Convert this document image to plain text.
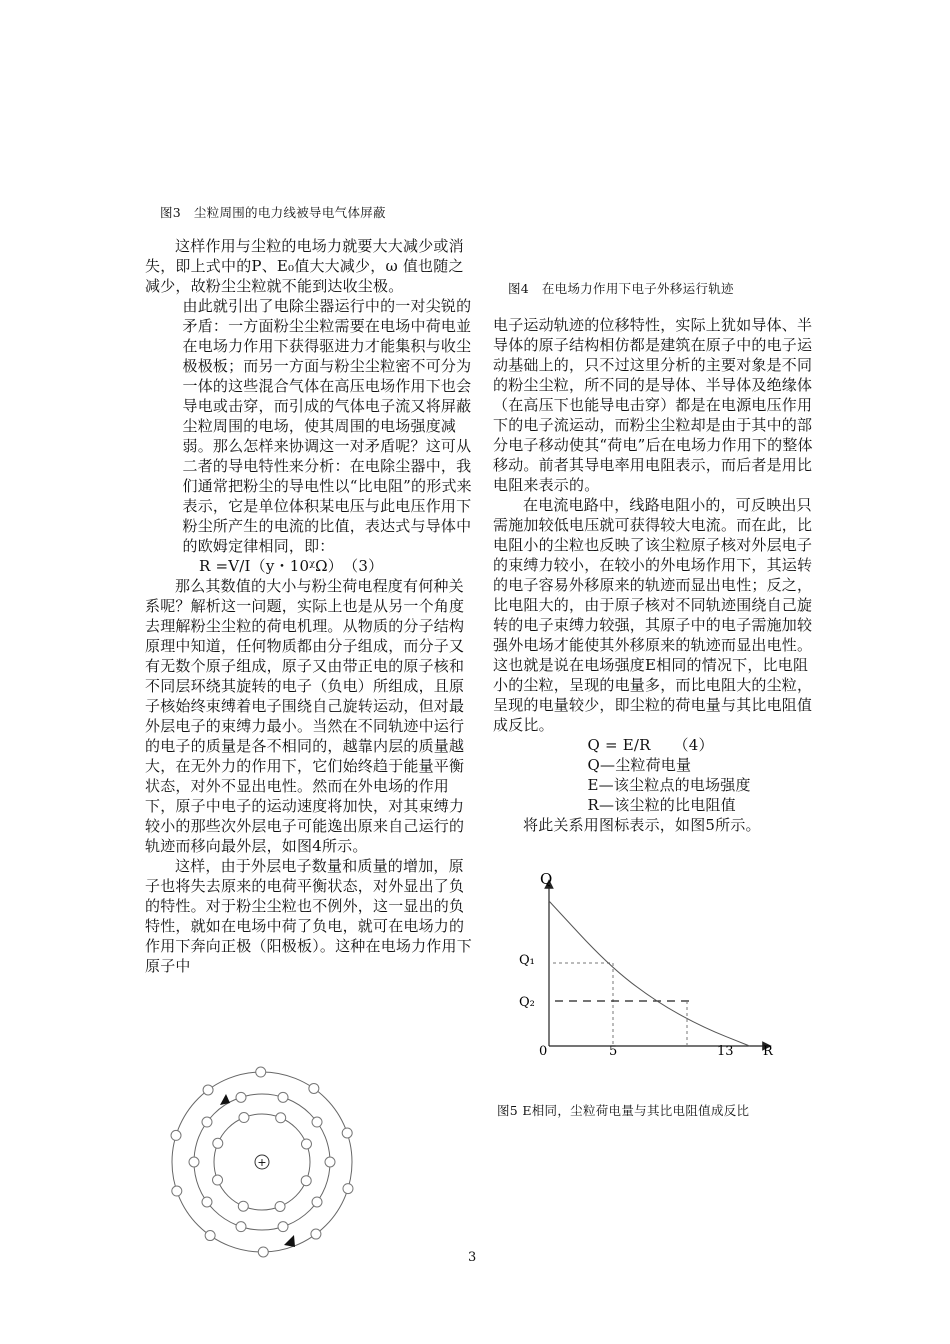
图3　尘粒周围的电力线被导电气体屏蔽

这样作用与尘粒的电场力就要大大减少或消失，即上式中的P、E₀值大大减少，ω 值也随之减少，故粉尘尘粒就不能到达收尘极。

由此就引出了电除尘器运行中的一对尖锐的矛盾：一方面粉尘尘粒需要在电场中荷电並在电场力作用下获得驱进力才能集积与收尘极极板；而另一方面与粉尘尘粒密不可分为一体的这些混合气体在高压电场作用下也会导电或击穿，而引成的气体电子流又将屏蔽尘粒周围的电场，使其周围的电场强度减弱。那么怎样来协调这一对矛盾呢？这可从二者的导电特性来分析：在电除尘器中，我们通常把粉尘的导电性以“比电阻”的形式来表示，它是单位体积某电压与此电压作用下粉尘所产生的电流的比值，表达式与导体中的欧姆定律相同，即：

R =V/I（y・10ᵡΩ）　（3）

那么其数值的大小与粉尘荷电程度有何种关系呢？解析这一问题，实际上也是从另一个角度去理解粉尘尘粒的荷电机理。从物质的分子结构原理中知道，任何物质都由分子组成，而分子又有无数个原子组成，原子又由带正电的原子核和不同层环绕其旋转的电子（负电）所组成，且原子核始终束缚着电子围绕自己旋转运动，但对最外层电子的束缚力最小。当然在不同轨迹中运行的电子的质量是各不相同的，越靠内层的质量越大，在无外力的作用下，它们始终趋于能量平衡状态，对外不显出电性。然而在外电场的作用下，原子中电子的运动速度将加快，对其束缚力较小的那些次外层电子可能逸出原来自己运行的轨迹而移向最外层，如图4所示。

这样，由于外层电子数量和质量的增加，原子也将失去原来的电荷平衡状态，对外显出了负的特性。对于粉尘尘粒也不例外，这一显出的负特性，就如在电场中荷了负电，就可在电场力的作用下奔向正极（阳极板）。这种在电场力作用下原子中

图4　在电场力作用下电子外移运行轨迹

电子运动轨迹的位移特性，实际上犹如导体、半导体的原子结构相仿都是建筑在原子中的电子运动基础上的，只不过这里分析的主要对象是不同的粉尘尘粒，所不同的是导体、半导体及绝缘体（在高压下也能导电击穿）都是在电源电压作用下的电子流运动，而粉尘尘粒却是由于其中的部分电子移动使其“荷电”后在电场力作用下的整体移动。前者其导电率用电阻表示，而后者是用比电阻来表示的。

在电流电路中，线路电阻小的，可反映出只需施加较低电压就可获得较大电流。而在此，比电阻小的尘粒也反映了该尘粒原子核对外层电子的束缚力较小，在较小的外电场作用下，其运转的电子容易外移原来的轨迹而显出电性；反之，比电阻大的，由于原子核对不同轨迹围绕自己旋转的电子束缚力较强，其原子中的电子需施加较强外电场才能使其外移原来的轨迹而显出电性。这也就是说在电场强度E相同的情况下，比电阻小的尘粒，呈现的电量多，而比电阻大的尘粒，呈现的电量较少，即尘粒的荷电量与其比电阻值成反比。

Q = E/R　　（4）

Q—尘粒荷电量

E—该尘粒点的电场强度

R—该尘粒的比电阻值

将此关系用图标表示，如图5所示。

Q
R
0	5	13
Q₁
Q₂
图5 E相同，尘粒荷电量与其比电阻值成反比
+
3
